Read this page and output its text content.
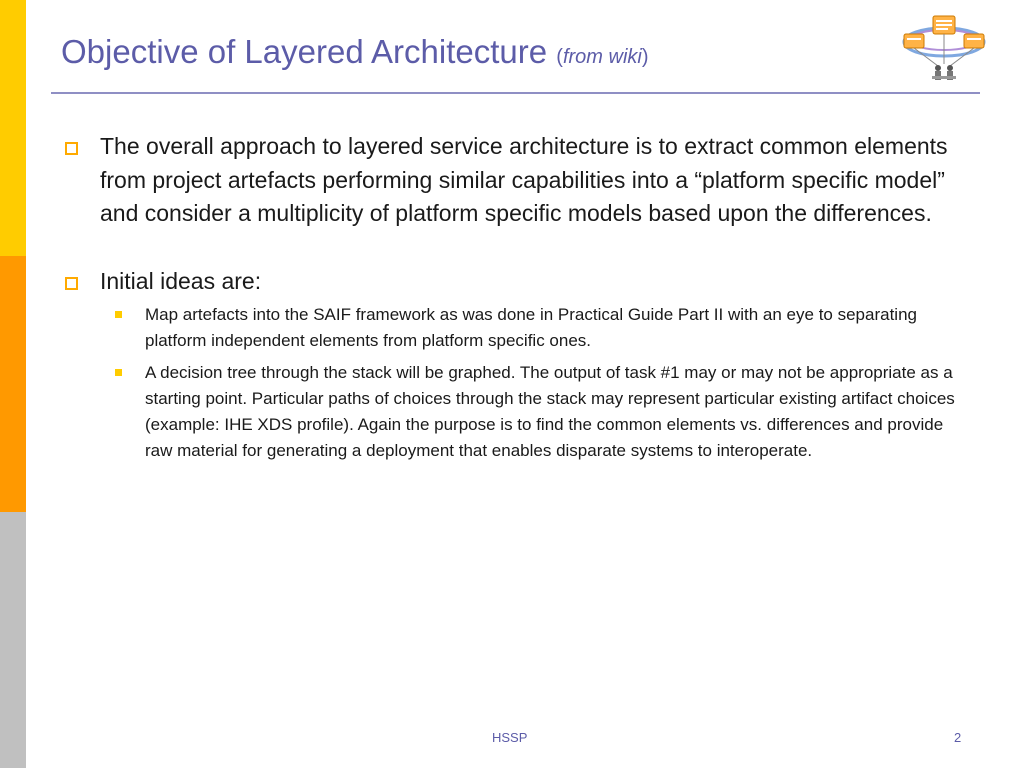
Objective of Layered Architecture (from wiki)
The overall approach to layered service architecture is to extract common elements from project artefacts performing similar capabilities into a “platform specific model” and consider a multiplicity of platform specific models based upon the differences.
Initial ideas are:
Map artefacts into the SAIF framework as was done in Practical Guide Part II with an eye to separating platform independent elements from platform specific ones.
A decision tree through the stack will be graphed. The output of task #1 may or may not be appropriate as a starting point. Particular paths of choices through the stack may represent particular existing artifact choices (example: IHE XDS profile). Again the purpose is to find the common elements vs. differences and provide raw material for generating a deployment that enables disparate systems to interoperate.
HSSP	2
